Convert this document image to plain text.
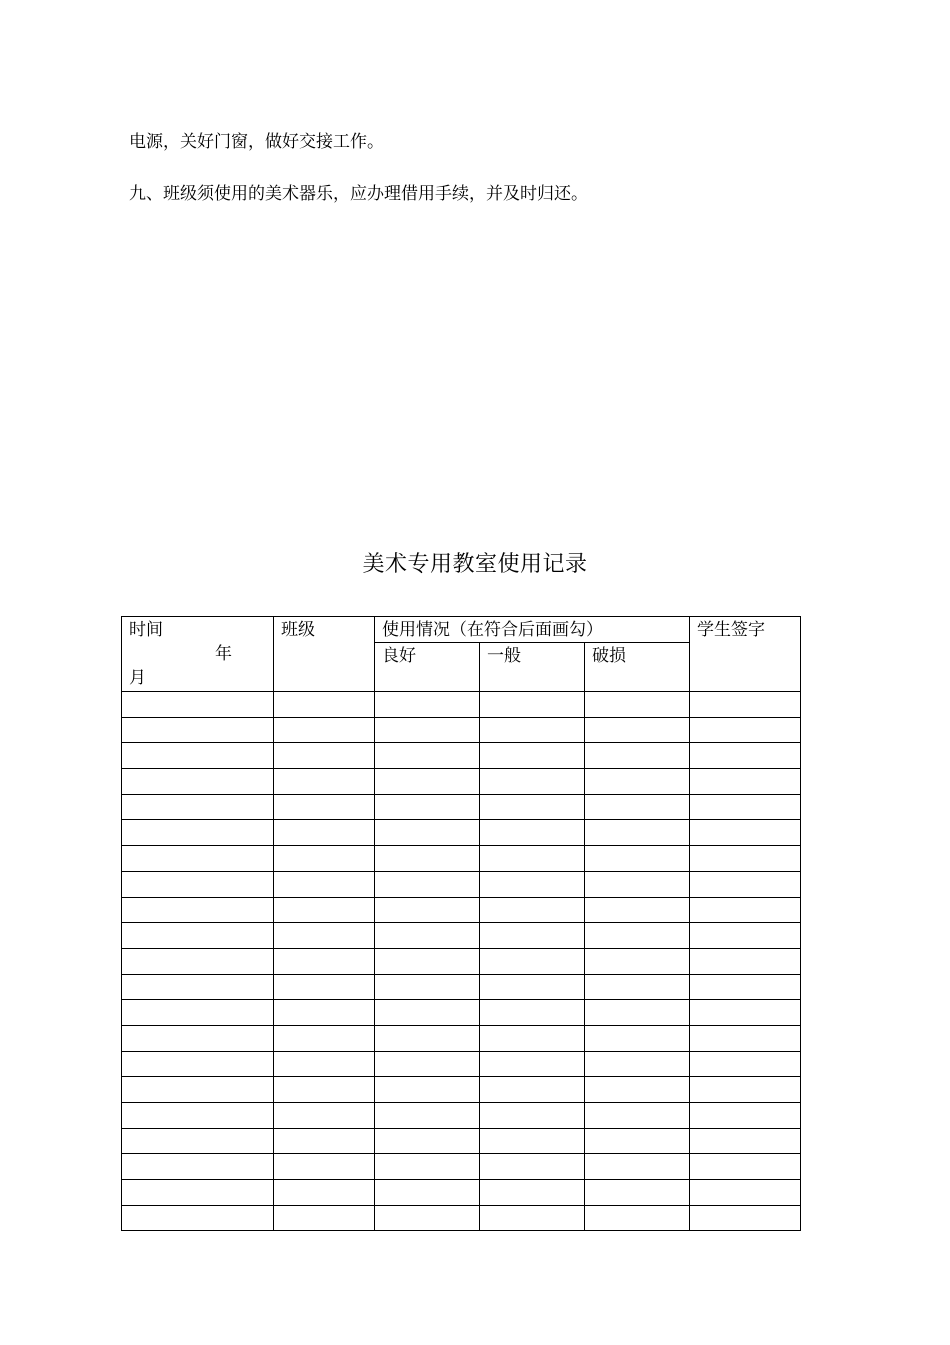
电源，关好门窗，做好交接工作。
九、班级须使用的美术器乐，应办理借用手续，并及时归还。
美术专用教室使用记录
时间
年
月	班级	使用情况（在符合后面画勾）			学生签字

		良好	一般	破损	
